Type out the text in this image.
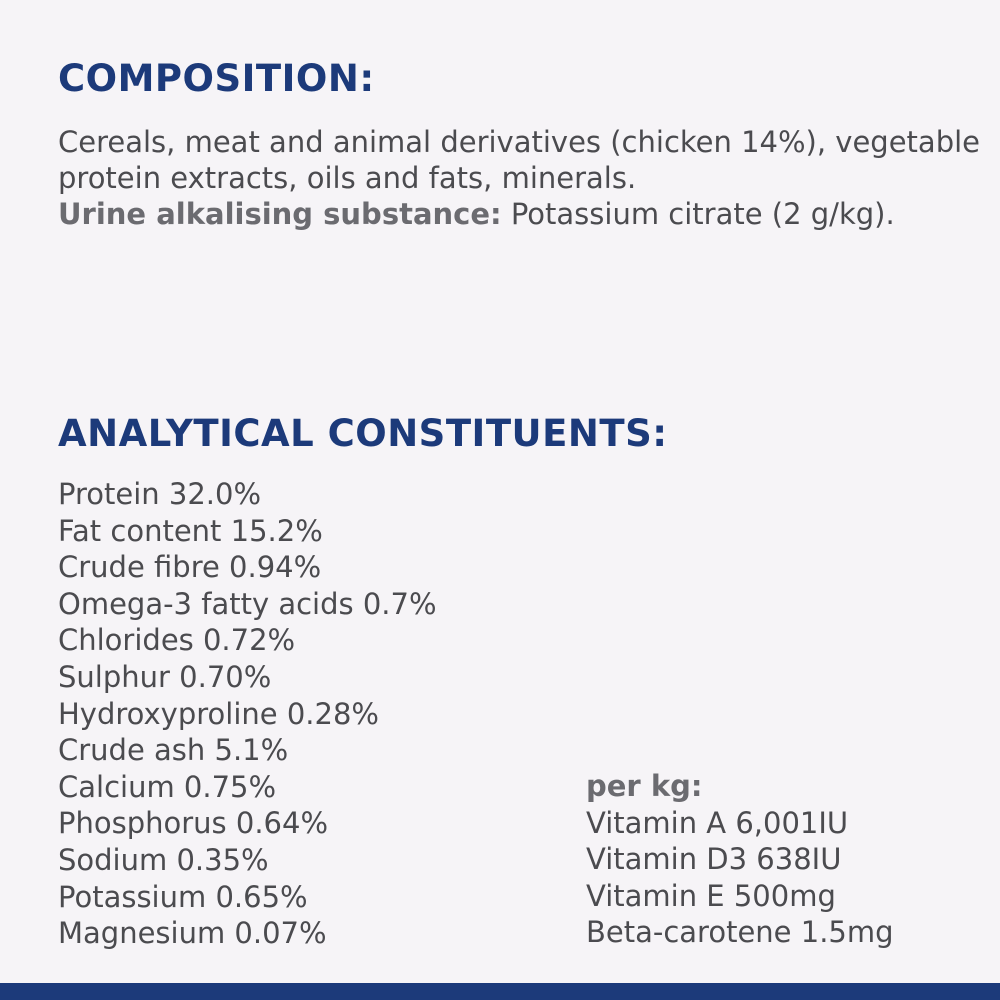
COMPOSITION:

Cereals, meat and animal derivatives (chicken 14%), vegetable protein extracts, oils and fats, minerals.
Urine alkalising substance: Potassium citrate (2 g/kg).

ANALYTICAL CONSTITUENTS:
Protein 32.0%
Fat content 15.2%
Crude fibre 0.94%
Omega-3 fatty acids 0.7%
Chlorides 0.72%
Sulphur 0.70%
Hydroxyproline 0.28%
Crude ash 5.1%
Calcium 0.75%
Phosphorus 0.64%
Sodium 0.35%
Potassium 0.65%
Magnesium 0.07%
per kg:
Vitamin A 6,001IU
Vitamin D3 638IU
Vitamin E 500mg
Beta-carotene 1.5mg
